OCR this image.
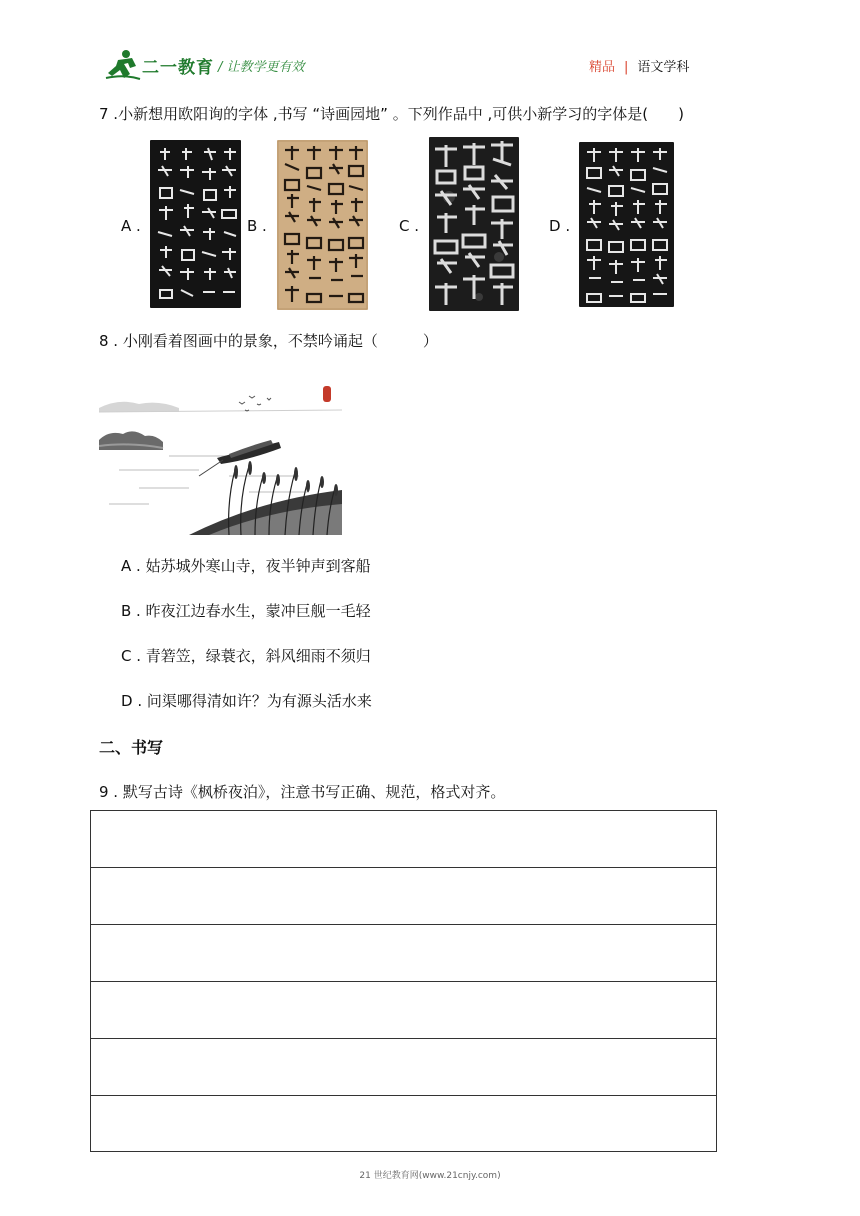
二一教育 / 让教学更有效	精品 | 语文学科
7 .小新想用欧阳询的字体 ,书写 “诗画园地” 。下列作品中 ,可供小新学习的字体是(　　)
A .	B .	C .	D .
8 . 小刚看着图画中的景象，不禁吟诵起（　　　）
A . 姑苏城外寒山寺，夜半钟声到客船
B . 昨夜江边春水生，蒙冲巨舰一毛轻
C . 青箬笠，绿蓑衣，斜风细雨不须归
D . 问渠哪得清如许？为有源头活水来
二、书写
9 . 默写古诗《枫桥夜泊》，注意书写正确、规范，格式对齐。
21 世纪教育网(www.21cnjy.com)
